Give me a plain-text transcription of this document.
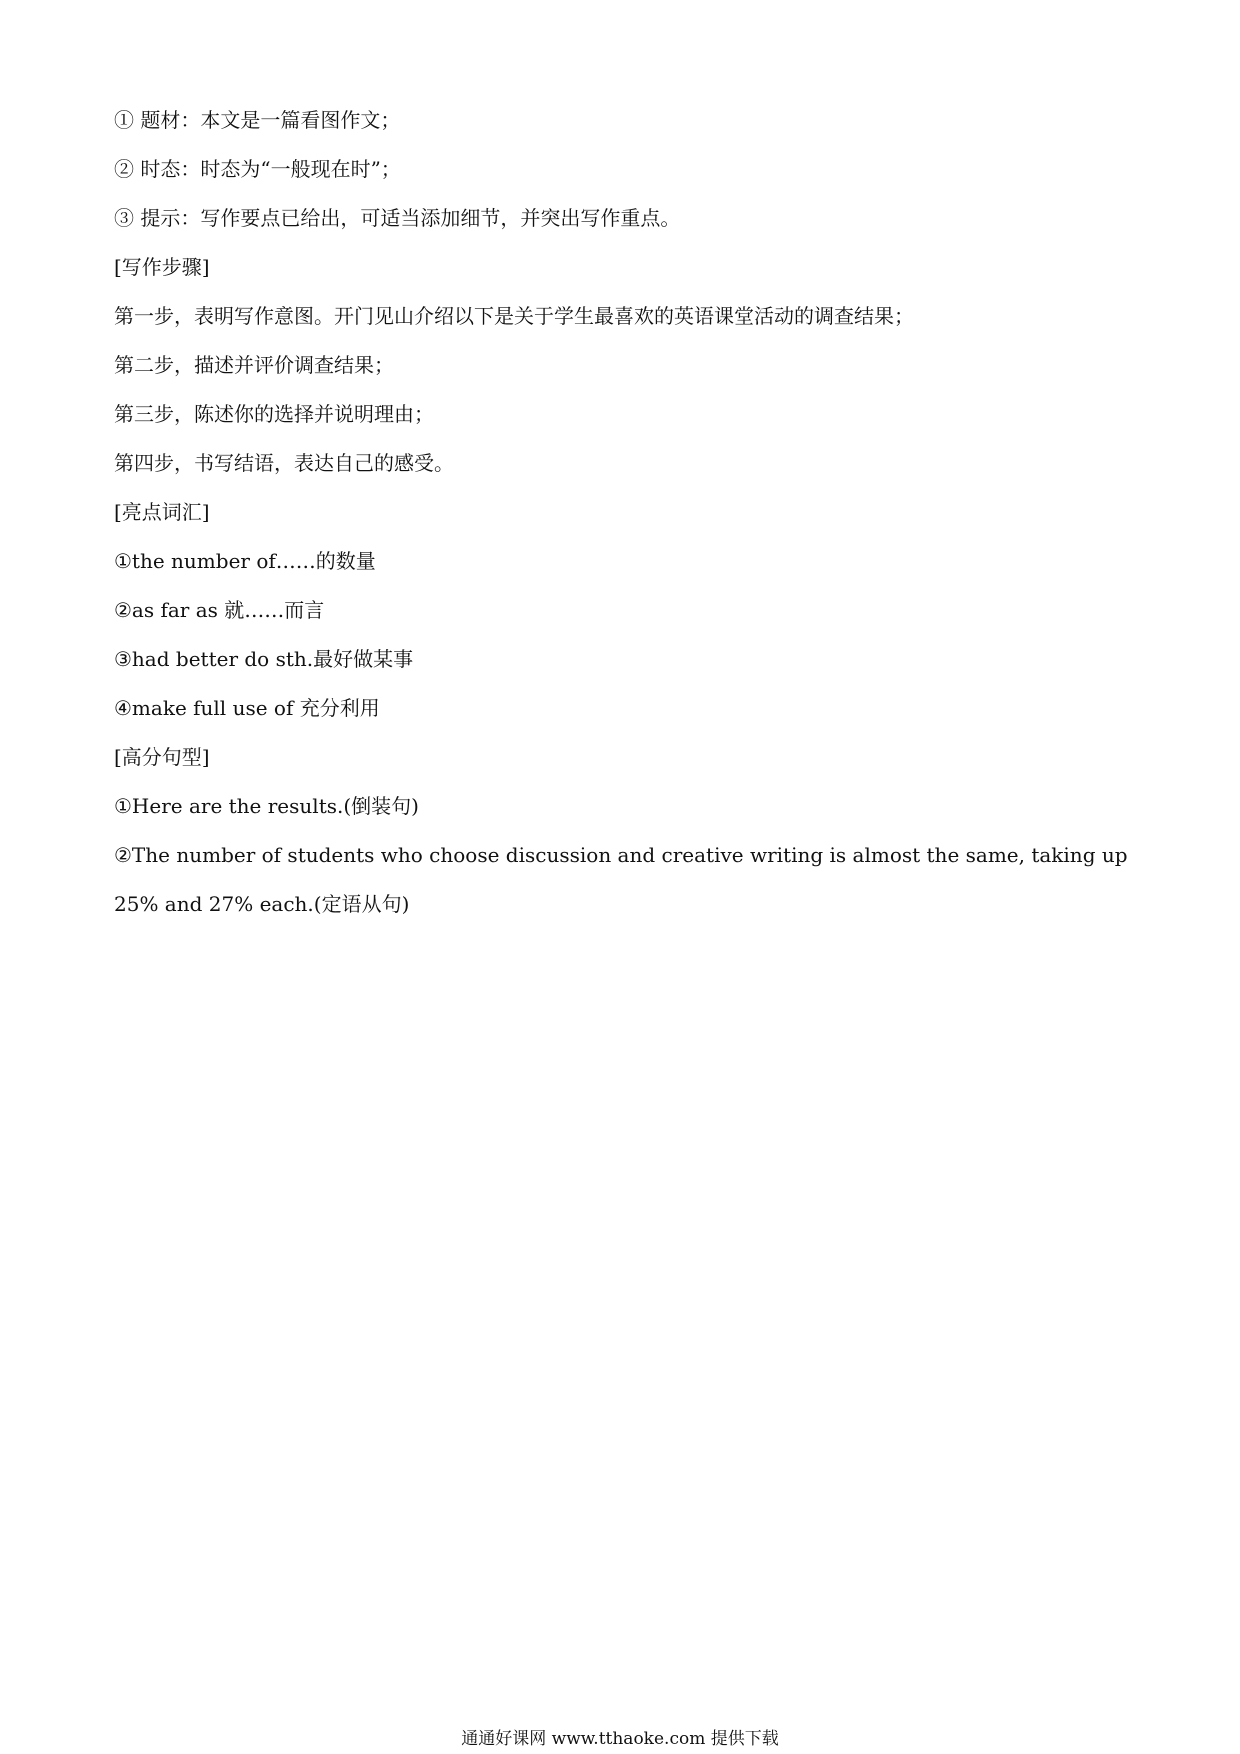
① 题材：本文是一篇看图作文；
② 时态：时态为“一般现在时”；
③ 提示：写作要点已给出，可适当添加细节，并突出写作重点。
[写作步骤]
第一步，表明写作意图。开门见山介绍以下是关于学生最喜欢的英语课堂活动的调查结果；
第二步，描述并评价调查结果；
第三步，陈述你的选择并说明理由；
第四步，书写结语，表达自己的感受。
[亮点词汇]
①the number of……的数量
②as far as 就……而言
③had better do sth.最好做某事
④make full use of 充分利用
[高分句型]
①Here are the results.(倒装句)
②The number of students who choose discussion and creative writing is almost the same, taking up 25% and 27% each.(定语从句)
通通好课网 www.tthaoke.com 提供下载
